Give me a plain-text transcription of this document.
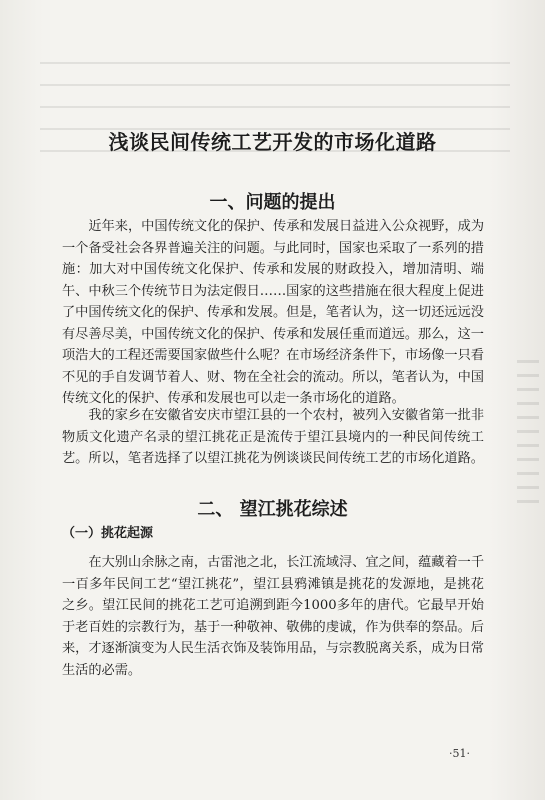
浅谈民间传统工艺开发的市场化道路
一、问题的提出
近年来，中国传统文化的保护、传承和发展日益进入公众视野，成为一个备受社会各界普遍关注的问题。与此同时，国家也采取了一系列的措施：加大对中国传统文化保护、传承和发展的财政投入，增加清明、端午、中秋三个传统节日为法定假日……国家的这些措施在很大程度上促进了中国传统文化的保护、传承和发展。但是，笔者认为，这一切还远远没有尽善尽美，中国传统文化的保护、传承和发展任重而道远。那么，这一项浩大的工程还需要国家做些什么呢？在市场经济条件下，市场像一只看不见的手自发调节着人、财、物在全社会的流动。所以，笔者认为，中国传统文化的保护、传承和发展也可以走一条市场化的道路。
我的家乡在安徽省安庆市望江县的一个农村，被列入安徽省第一批非物质文化遗产名录的望江挑花正是流传于望江县境内的一种民间传统工艺。所以，笔者选择了以望江挑花为例谈谈民间传统工艺的市场化道路。
二、 望江挑花综述
（一）挑花起源
在大别山余脉之南，古雷池之北，长江流域浔、宜之间，蕴藏着一千一百多年民间工艺“望江挑花”，望江县鸦滩镇是挑花的发源地，是挑花之乡。望江民间的挑花工艺可追溯到距今1000多年的唐代。它最早开始于老百姓的宗教行为，基于一种敬神、敬佛的虔诚，作为供奉的祭品。后来，才逐渐演变为人民生活衣饰及装饰用品，与宗教脱离关系，成为日常生活的必需。
·51·
